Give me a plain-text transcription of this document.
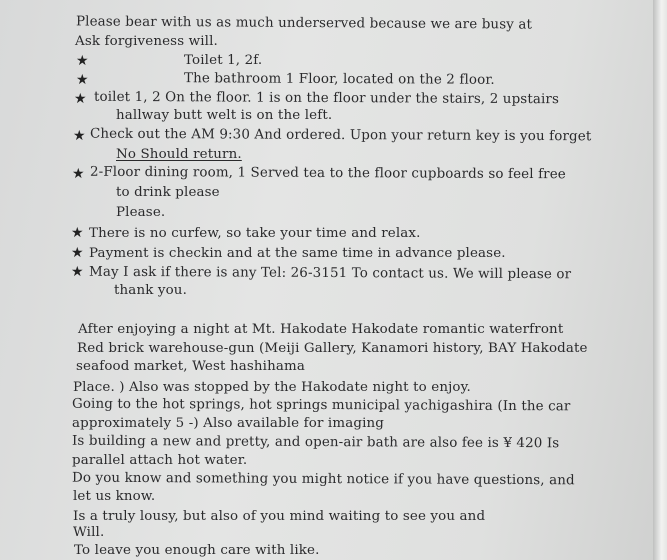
Please bear with us as much underserved because we are busy at
Ask forgiveness will.
★	Toilet 1, 2f.
★	The bathroom 1 Floor, located on the 2 floor.
★ toilet 1, 2 On the floor. 1 is on the floor under the stairs, 2 upstairs
hallway butt welt is on the left.
★ Check out the AM 9:30 And ordered. Upon your return key is you forget
No Should return.
★ 2-Floor dining room, 1 Served tea to the floor cupboards so feel free
to drink please
Please.
★ There is no curfew, so take your time and relax.
★ Payment is checkin and at the same time in advance please.
★ May I ask if there is any Tel: 26-3151 To contact us. We will please or
thank you.
After enjoying a night at Mt. Hakodate Hakodate romantic waterfront
Red brick warehouse-gun (Meiji Gallery, Kanamori history, BAY Hakodate
seafood market, West hashihama
Place. ) Also was stopped by the Hakodate night to enjoy.
Going to the hot springs, hot springs municipal yachigashira (In the car
approximately 5 -) Also available for imaging
Is building a new and pretty, and open-air bath are also fee is ¥ 420 Is
parallel attach hot water.
Do you know and something you might notice if you have questions, and
let us know.
Is a truly lousy, but also of you mind waiting to see you and
Will.
To leave you enough care with like.
